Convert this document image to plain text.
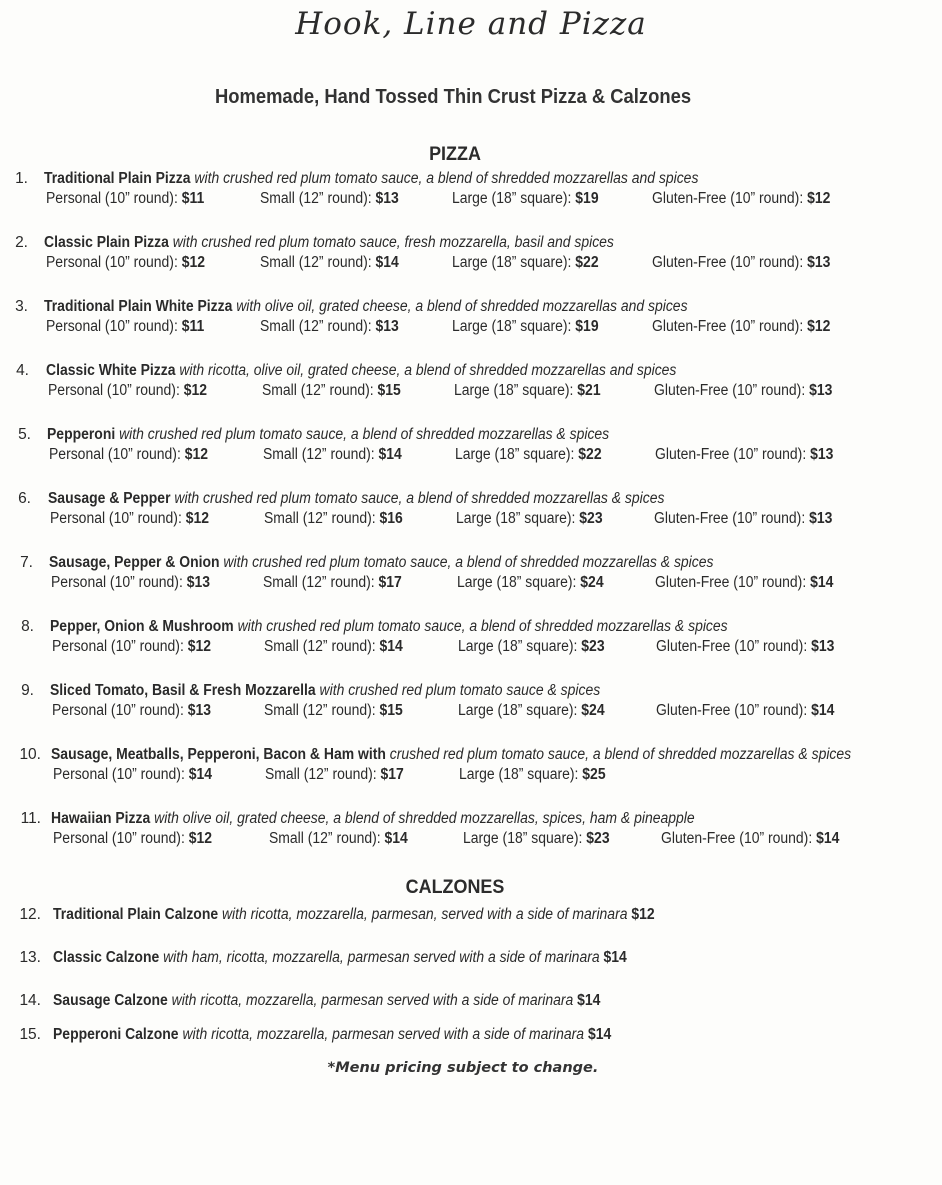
Hook, Line and Pizza
Homemade, Hand Tossed Thin Crust Pizza & Calzones
PIZZA
1. Traditional Plain Pizza with crushed red plum tomato sauce, a blend of shredded mozzarellas and spices
Personal (10” round): $11	Small (12” round): $13	Large (18” square): $19	Gluten-Free (10” round): $12
2. Classic Plain Pizza with crushed red plum tomato sauce, fresh mozzarella, basil and spices
Personal (10” round): $12	Small (12” round): $14	Large (18” square): $22	Gluten-Free (10” round): $13
3. Traditional Plain White Pizza with olive oil, grated cheese, a blend of shredded mozzarellas and spices
Personal (10” round): $11	Small (12” round): $13	Large (18” square): $19	Gluten-Free (10” round): $12
4. Classic White Pizza with ricotta, olive oil, grated cheese, a blend of shredded mozzarellas and spices
Personal (10” round): $12	Small (12” round): $15	Large (18” square): $21	Gluten-Free (10” round): $13
5. Pepperoni with crushed red plum tomato sauce, a blend of shredded mozzarellas & spices
Personal (10” round): $12	Small (12” round): $14	Large (18” square): $22	Gluten-Free (10” round): $13
6. Sausage & Pepper with crushed red plum tomato sauce, a blend of shredded mozzarellas & spices
Personal (10” round): $12	Small (12” round): $16	Large (18” square): $23	Gluten-Free (10” round): $13
7. Sausage, Pepper & Onion with crushed red plum tomato sauce, a blend of shredded mozzarellas & spices
Personal (10” round): $13	Small (12” round): $17	Large (18” square): $24	Gluten-Free (10” round): $14
8. Pepper, Onion & Mushroom with crushed red plum tomato sauce, a blend of shredded mozzarellas & spices
Personal (10” round): $12	Small (12” round): $14	Large (18” square): $23	Gluten-Free (10” round): $13
9. Sliced Tomato, Basil & Fresh Mozzarella with crushed red plum tomato sauce & spices
Personal (10” round): $13	Small (12” round): $15	Large (18” square): $24	Gluten-Free (10” round): $14
10. Sausage, Meatballs, Pepperoni, Bacon & Ham with crushed red plum tomato sauce, a blend of shredded mozzarellas & spices
Personal (10” round): $14	Small (12” round): $17	Large (18” square): $25
11. Hawaiian Pizza with olive oil, grated cheese, a blend of shredded mozzarellas, spices, ham & pineapple
Personal (10” round): $12	Small (12” round): $14	Large (18” square): $23	Gluten-Free (10” round): $14
CALZONES
12. Traditional Plain Calzone with ricotta, mozzarella, parmesan, served with a side of marinara $12
13. Classic Calzone with ham, ricotta, mozzarella, parmesan served with a side of marinara $14
14. Sausage Calzone with ricotta, mozzarella, parmesan served with a side of marinara $14
15. Pepperoni Calzone with ricotta, mozzarella, parmesan served with a side of marinara $14
*Menu pricing subject to change.
